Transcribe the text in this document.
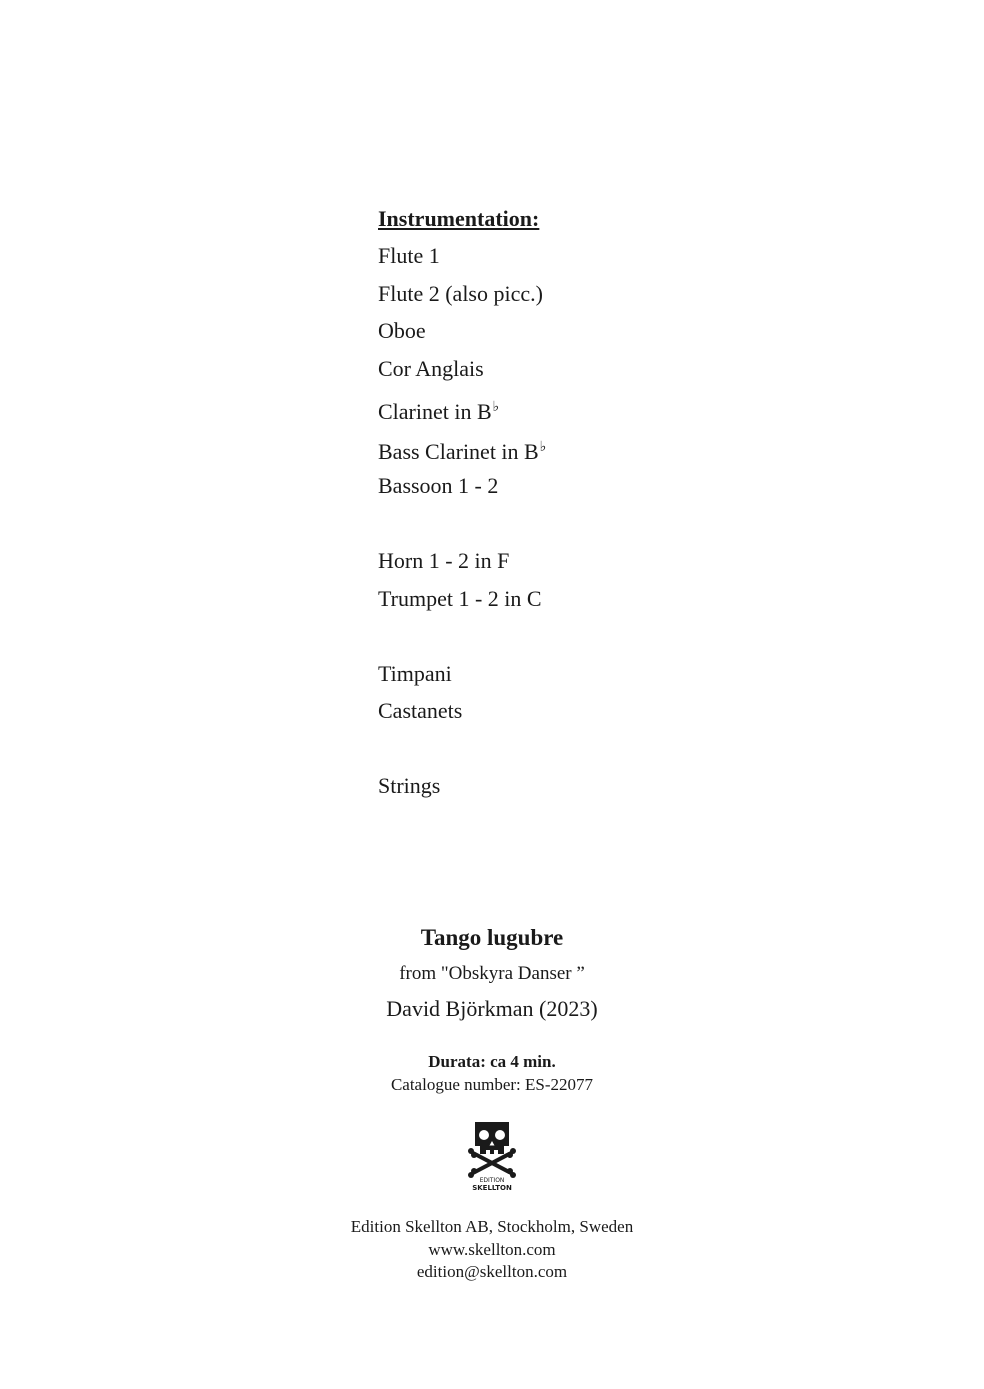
Instrumentation:
Flute 1
Flute 2 (also picc.)
Oboe
Cor Anglais
Clarinet in B♭
Bass Clarinet in B♭
Bassoon 1 - 2
Horn 1 - 2 in F
Trumpet 1 - 2 in C
Timpani
Castanets
Strings
Tango lugubre
from "Obskyra Danser ”
David Björkman (2023)
Durata: ca 4 min.
Catalogue number: ES-22077
EDITION
SKELLTON
Edition Skellton AB, Stockholm, Sweden
www.skellton.com
edition@skellton.com
